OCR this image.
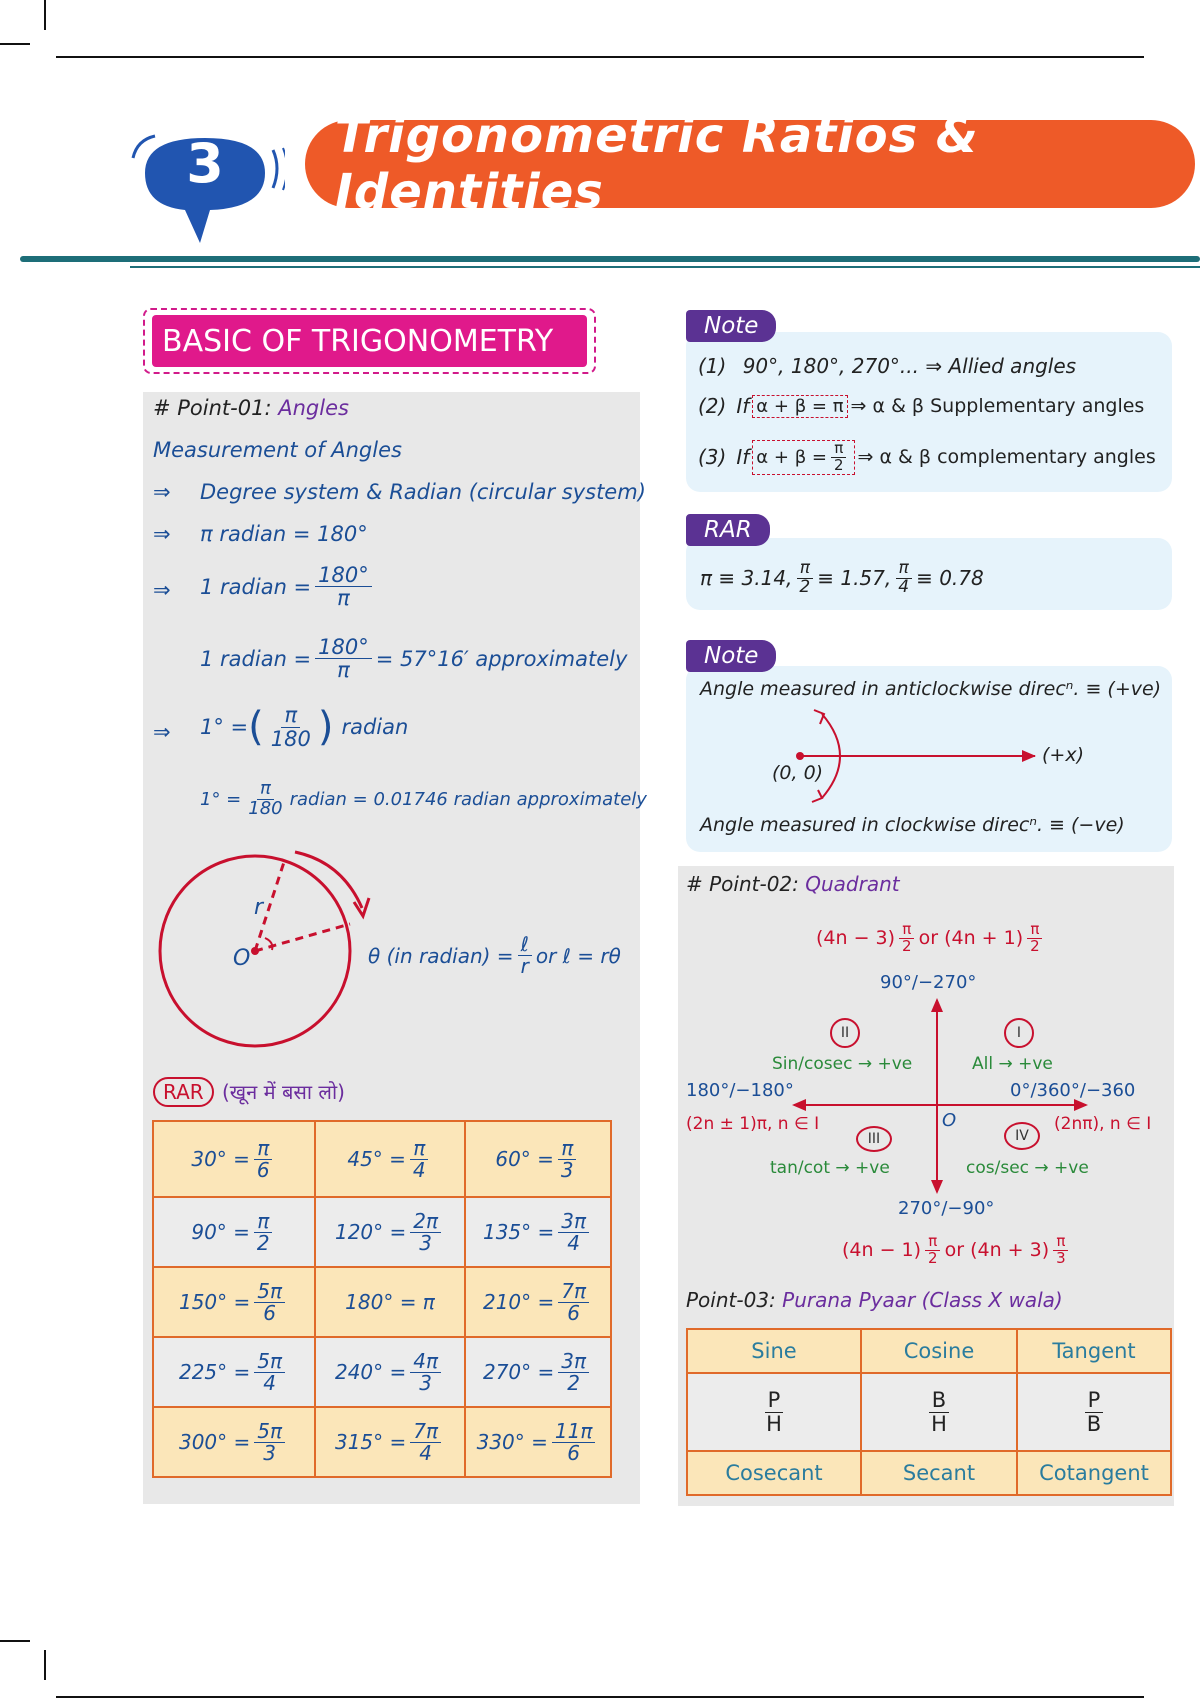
3	Trigonometric Ratios & Identities
BASIC OF TRIGONOMETRY
# Point-01: Angles
Measurement of Angles
⇒ Degree system & Radian (circular system)
⇒ π radian = 180°
⇒ 1 radian = $\frac{180^\circ}{\pi}$
1 radian = $\frac{180^\circ}{\pi} = 57^\circ 16'$ approximately
⇒ 1° = ( $\frac{\pi}{180}$ ) radian
$1^\circ = \frac{\pi}{180}$ radian = 0.01746 radian approximately
r
O	θ (in radian) = $\frac{\text{ℓ}}{r}$ or ℓ = rθ
RAR (खून में बसा लो)
$30^\circ = \frac{\pi}{6}$	$45^\circ = \frac{\pi}{4}$	$60^\circ = \frac{\pi}{3}$

$90^\circ = \frac{\pi}{2}$	$120^\circ = \frac{2\pi}{3}$	$135^\circ = \frac{3\pi}{4}$

$150^\circ = \frac{5\pi}{6}$	180° = π	$210^\circ = \frac{7\pi}{6}$

$225^\circ = \frac{5\pi}{4}$	$240^\circ = \frac{4\pi}{3}$	$270^\circ = \frac{3\pi}{2}$

$300^\circ = \frac{5\pi}{3}$	$315^\circ = \frac{7\pi}{4}$	$330^\circ = \frac{11\pi}{6}$
Note
(1) 90°, 180°, 270°... ⇒ Allied angles
(2) If α + β = π ⇒ α & β Supplementary angles
(3) If $\alpha + \beta = \frac{\pi}{2}$ ⇒ α & β complementary angles
RAR
π ≡ 3.14, $\frac{\pi}{2} \equiv 1.57$, $\frac{\pi}{4} \equiv 0.78$
Note
Angle measured in anticlockwise direcⁿ. ≡ (+ve)
(0, 0)
(+x)
Angle measured in clockwise direcⁿ. ≡ (−ve)
# Point-02: Quadrant
$(4n - 3) \frac{\pi}{2}$ or $(4n + 1) \frac{\pi}{2}$
90°/−270°
II	I
Sin/cosec → +ve	All → +ve
180°/−180°	0°/360°/−360
(2n ± 1)π, n ∈ I	O
III	IV
(2nπ), n ∈ I
tan/cot → +ve	cos/sec → +ve
270°/−90°
$(4n - 1) \frac{\pi}{2}$ or $(4n + 3) \frac{\pi}{3}$
Point-03: Purana Pyaar (Class X wala)
Sine	Cosine	Tangent

$\frac{P}{H}$	$\frac{B}{H}$	$\frac{P}{B}$

Cosecant	Secant	Cotangent
